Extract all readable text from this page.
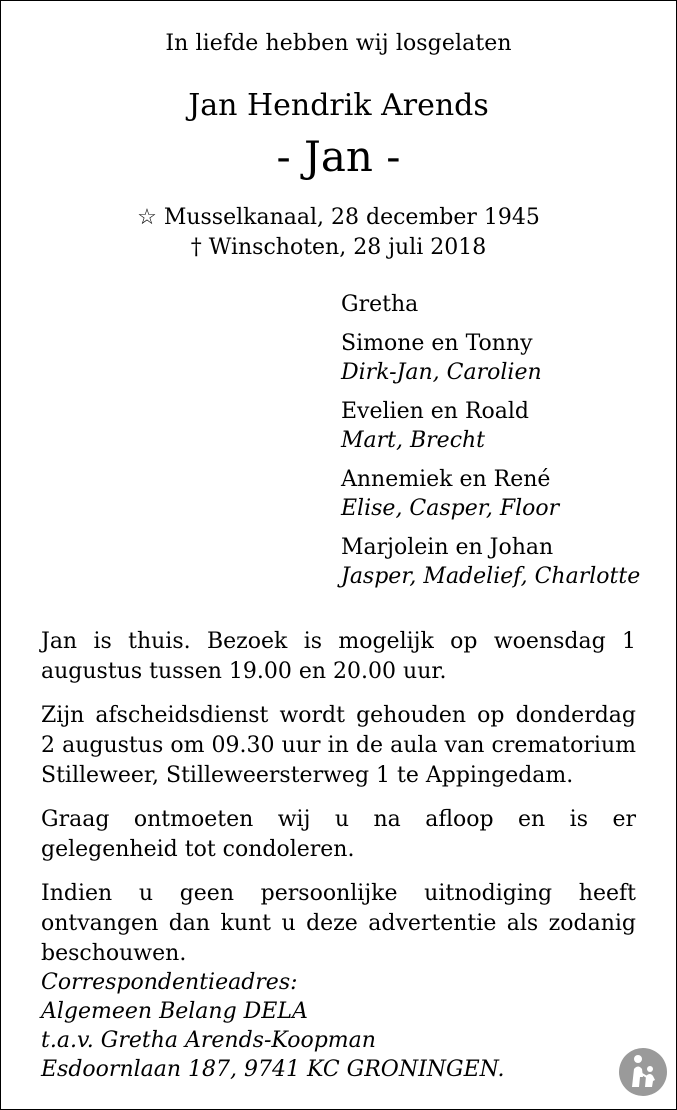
In liefde hebben wij losgelaten
Jan Hendrik Arends
- Jan -
☆ Musselkanaal, 28 december 1945
† Winschoten, 28 juli 2018
Gretha
Simone en Tonny
Dirk-Jan, Carolien
Evelien en Roald
Mart, Brecht
Annemiek en René
Elise, Casper, Floor
Marjolein en Johan
Jasper, Madelief, Charlotte

Jan is thuis. Bezoek is mogelijk op woensdag 1 augustus tussen 19.00 en 20.00 uur.

Zijn afscheidsdienst wordt gehouden op donderdag 2 augustus om 09.30 uur in de aula van crematorium Stilleweer, Stilleweersterweg 1 te Appingedam.

Graag ontmoeten wij u na afloop en is er gelegenheid tot condoleren.

Indien u geen persoonlijke uitnodiging heeft ontvangen dan kunt u deze advertentie als zodanig beschouwen.

Correspondentieadres:
Algemeen Belang DELA
t.a.v. Gretha Arends-Koopman
Esdoornlaan 187, 9741 KC GRONINGEN.
